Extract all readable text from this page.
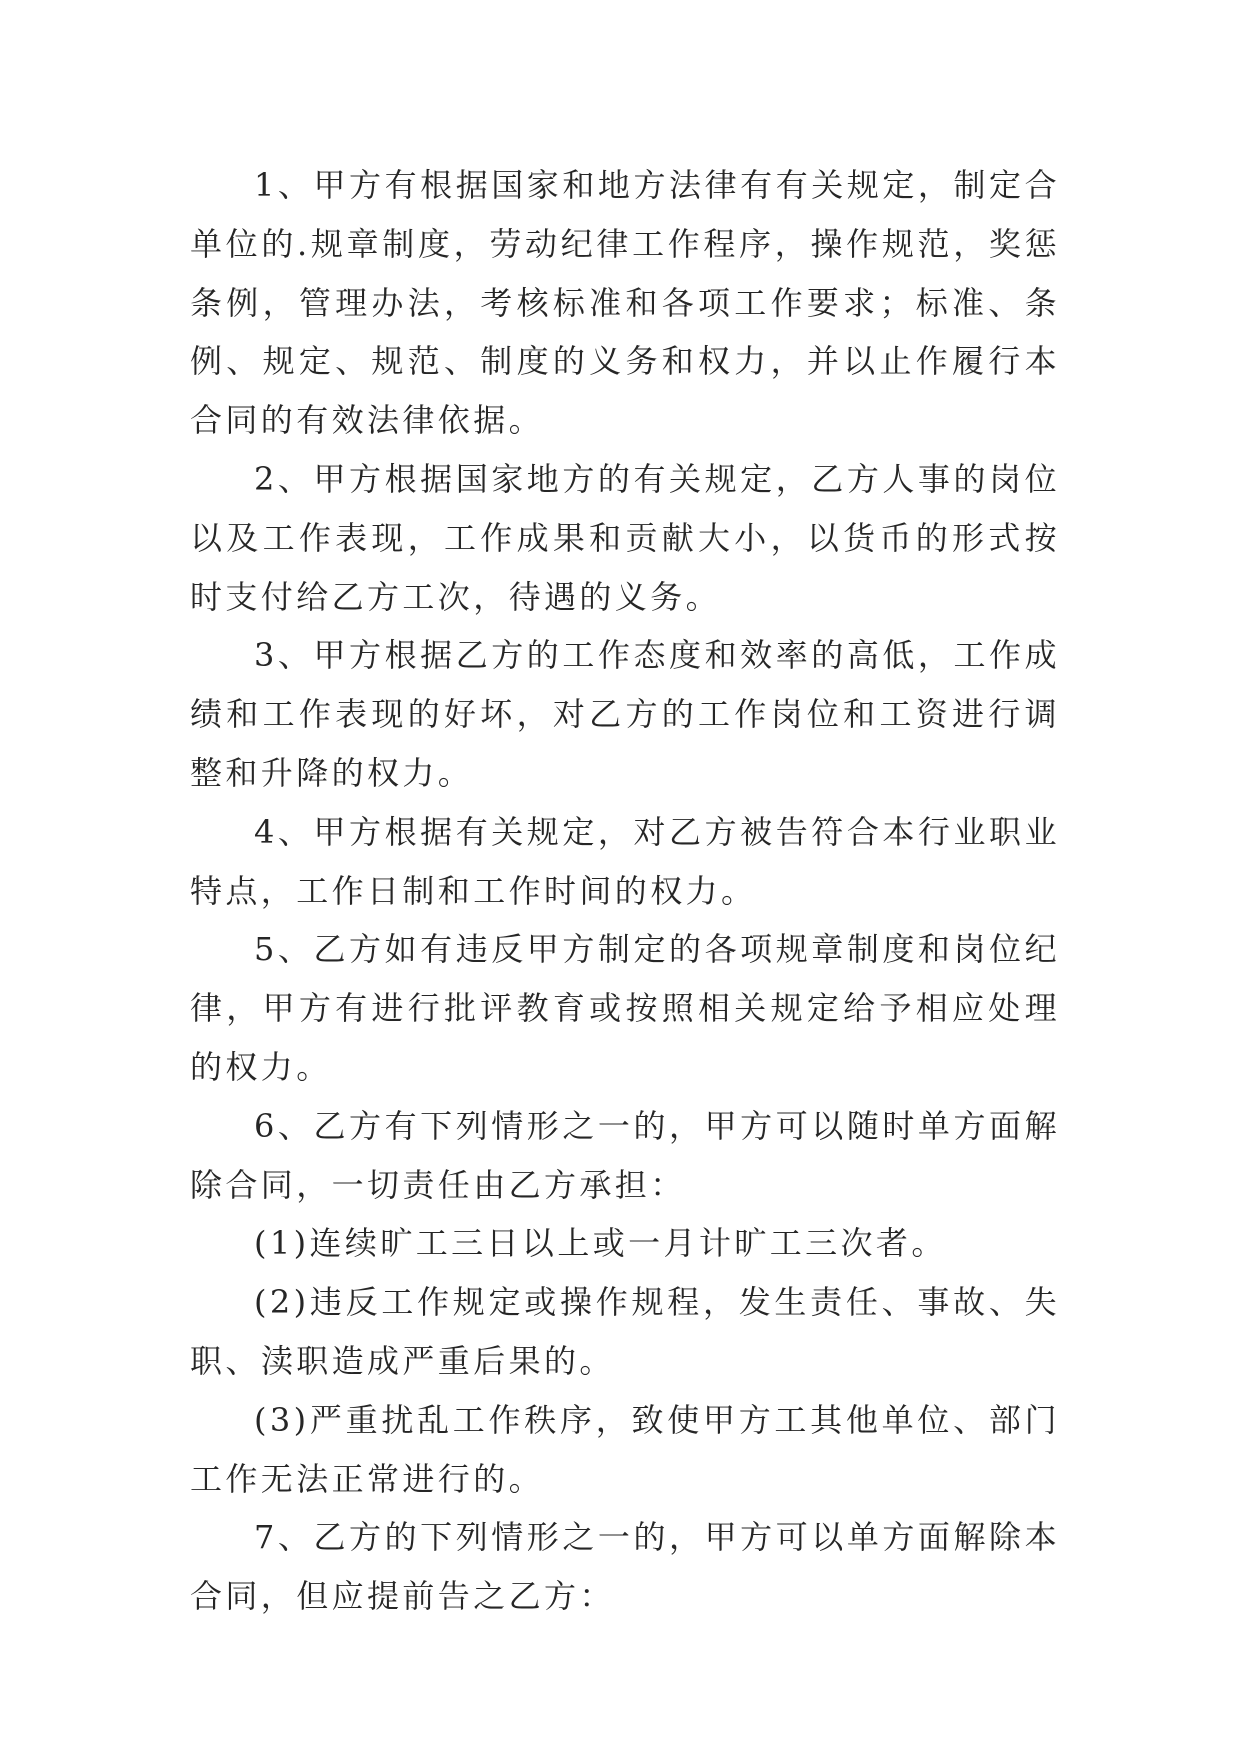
1、甲方有根据国家和地方法律有有关规定，制定合单位的.规章制度，劳动纪律工作程序，操作规范，奖惩条例，管理办法，考核标准和各项工作要求；标准、条例、规定、规范、制度的义务和权力，并以止作履行本合同的有效法律依据。

2、甲方根据国家地方的有关规定，乙方人事的岗位以及工作表现，工作成果和贡献大小，以货币的形式按时支付给乙方工次，待遇的义务。

3、甲方根据乙方的工作态度和效率的高低，工作成绩和工作表现的好坏，对乙方的工作岗位和工资进行调整和升降的权力。

4、甲方根据有关规定，对乙方被告符合本行业职业特点，工作日制和工作时间的权力。

5、乙方如有违反甲方制定的各项规章制度和岗位纪律，甲方有进行批评教育或按照相关规定给予相应处理的权力。

6、乙方有下列情形之一的，甲方可以随时单方面解除合同，一切责任由乙方承担：

(1)连续旷工三日以上或一月计旷工三次者。

(2)违反工作规定或操作规程，发生责任、事故、失职、渎职造成严重后果的。

(3)严重扰乱工作秩序，致使甲方工其他单位、部门工作无法正常进行的。

7、乙方的下列情形之一的，甲方可以单方面解除本合同，但应提前告之乙方：
